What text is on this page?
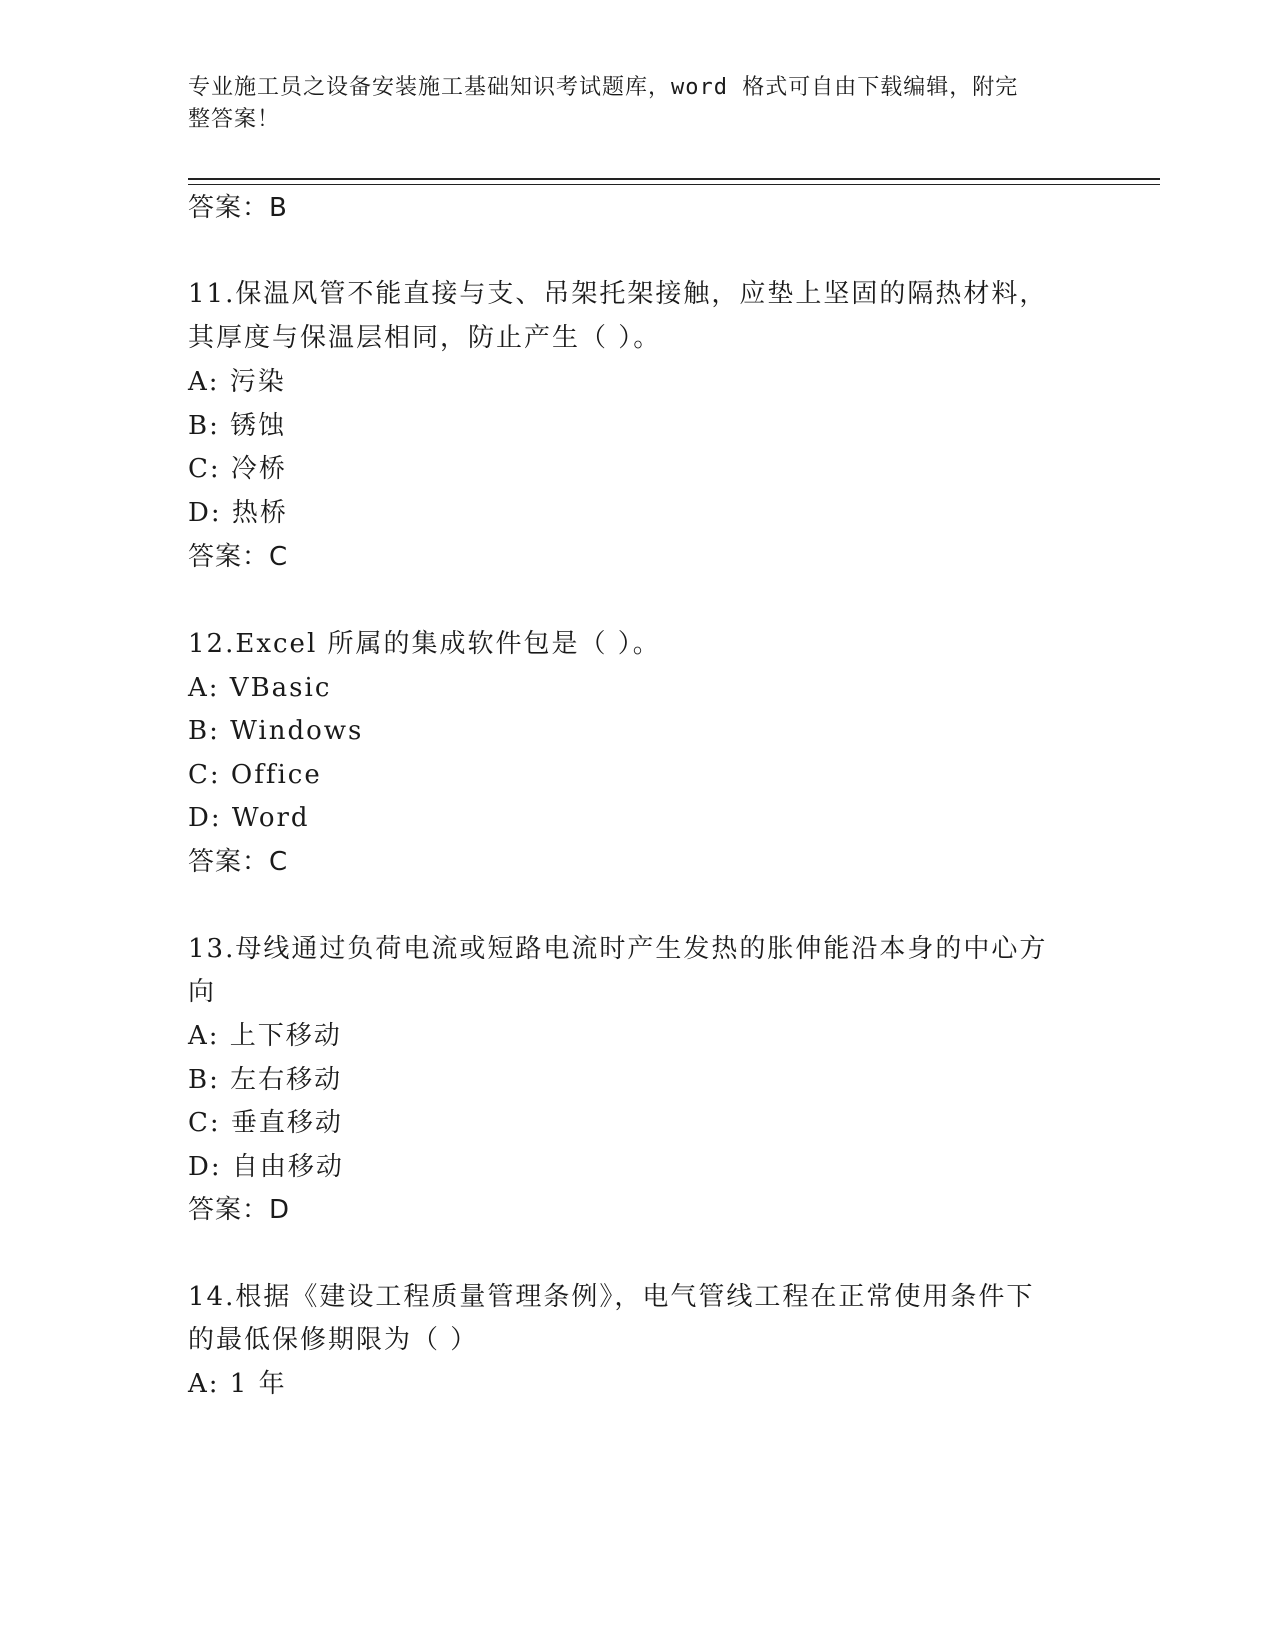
专业施工员之设备安装施工基础知识考试题库，word 格式可自由下载编辑，附完
整答案！
答案：B
11.保温风管不能直接与支、吊架托架接触，应垫上坚固的隔热材料，
其厚度与保温层相同，防止产生（ ）。
A: 污染
B: 锈蚀
C: 冷桥
D: 热桥
答案：C
12.Excel 所属的集成软件包是（ ）。
A: VBasic
B: Windows
C: Office
D: Word
答案：C
13.母线通过负荷电流或短路电流时产生发热的胀伸能沿本身的中心方
向
A: 上下移动
B: 左右移动
C: 垂直移动
D: 自由移动
答案：D
14.根据《建设工程质量管理条例》，电气管线工程在正常使用条件下
的最低保修期限为（ ）
A: 1 年
